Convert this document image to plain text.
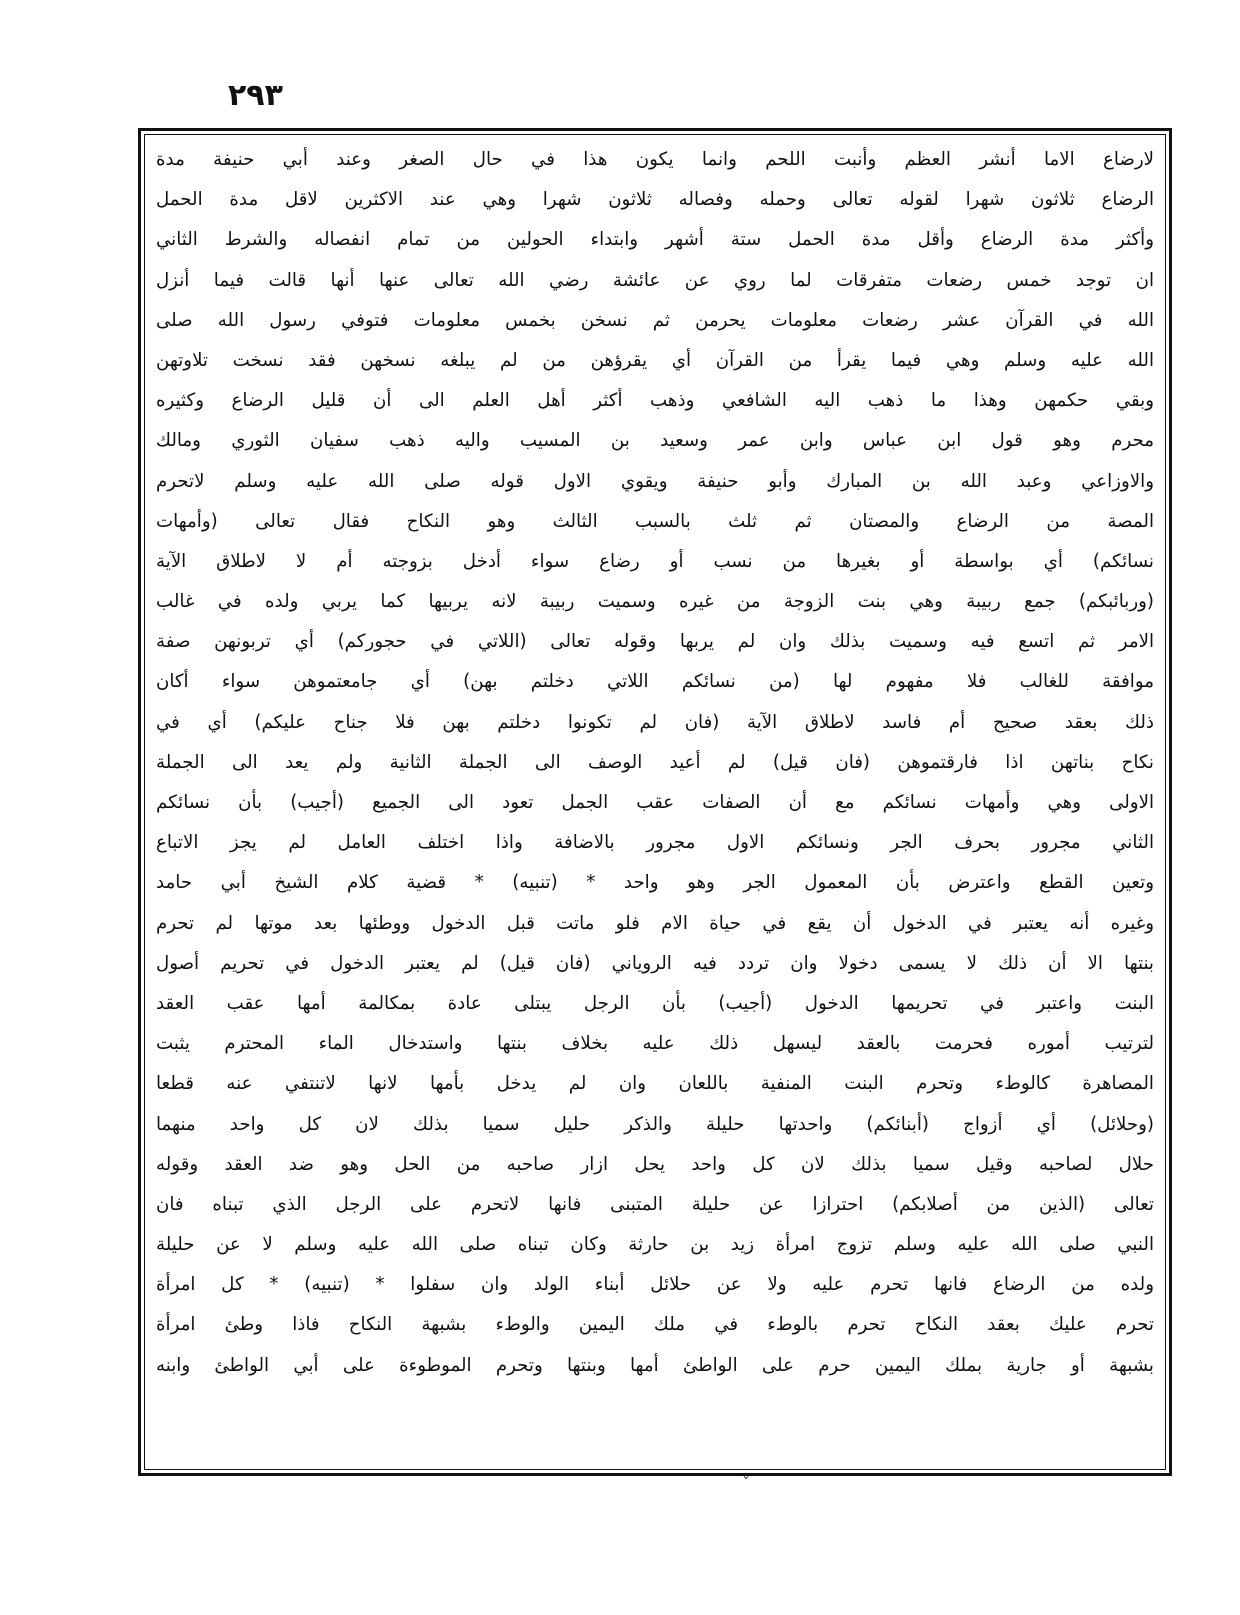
٢٩٣
لارضاع الاما أنشر العظم وأنبت اللحم وانما يكون هذا في حال الصغر وعند أبي حنيفة مدة
الرضاع ثلاثون شهرا لقوله تعالى وحمله وفصاله ثلاثون شهرا وهي عند الاكثرين لاقل مدة الحمل
وأكثر مدة الرضاع وأقل مدة الحمل ستة أشهر وابتداء الحولين من تمام انفصاله والشرط الثاني
ان توجد خمس رضعات متفرقات لما روي عن عائشة رضي الله تعالى عنها أنها قالت فيما أنزل
الله في القرآن عشر رضعات معلومات يحرمن ثم نسخن بخمس معلومات فتوفي رسول الله صلى
الله عليه وسلم وهي فيما يقرأ من القرآن أي يقرؤهن من لم يبلغه نسخهن فقد نسخت تلاوتهن
وبقي حكمهن وهذا ما ذهب اليه الشافعي وذهب أكثر أهل العلم الى أن قليل الرضاع وكثيره
محرم وهو قول ابن عباس وابن عمر وسعيد بن المسيب واليه ذهب سفيان الثوري ومالك
والاوزاعي وعبد الله بن المبارك وأبو حنيفة ويقوي الاول قوله صلى الله عليه وسلم لاتحرم
المصة من الرضاع والمصتان ثم ثلث بالسبب الثالث وهو النكاح فقال تعالى (وأمهات
نسائكم) أي بواسطة أو بغيرها من نسب أو رضاع سواء أدخل بزوجته أم لا لاطلاق الآية
(وربائبكم) جمع ربيبة وهي بنت الزوجة من غيره وسميت ربيبة لانه يربيها كما يربي ولده في غالب
الامر ثم اتسع فيه وسميت بذلك وان لم يربها وقوله تعالى (اللاتي في حجوركم) أي تربونهن صفة
موافقة للغالب فلا مفهوم لها (من نسائكم اللاتي دخلتم بهن) أي جامعتموهن سواء أكان
ذلك بعقد صحيح أم فاسد لاطلاق الآية (فان لم تكونوا دخلتم بهن فلا جناح عليكم) أي في
نكاح بناتهن اذا فارقتموهن (فان قيل) لم أعيد الوصف الى الجملة الثانية ولم يعد الى الجملة
الاولى وهي وأمهات نسائكم مع أن الصفات عقب الجمل تعود الى الجميع (أجيب) بأن نسائكم
الثاني مجرور بحرف الجر ونسائكم الاول مجرور بالاضافة واذا اختلف العامل لم يجز الاتباع
وتعين القطع واعترض بأن المعمول الجر وهو واحد * (تنبيه) * قضية كلام الشيخ أبي حامد
وغيره أنه يعتبر في الدخول أن يقع في حياة الام فلو ماتت قبل الدخول ووطئها بعد موتها لم تحرم
بنتها الا أن ذلك لا يسمى دخولا وان تردد فيه الروياني (فان قيل) لم يعتبر الدخول في تحريم أصول
البنت واعتبر في تحريمها الدخول (أجيب) بأن الرجل يبتلى عادة بمكالمة أمها عقب العقد
لترتيب أموره فحرمت بالعقد ليسهل ذلك عليه بخلاف بنتها واستدخال الماء المحترم يثبت
المصاهرة كالوطء وتحرم البنت المنفية باللعان وان لم يدخل بأمها لانها لاتنتفي عنه قطعا
(وحلائل) أي أزواج (أبنائكم) واحدتها حليلة والذكر حليل سميا بذلك لان كل واحد منهما
حلال لصاحبه وقيل سميا بذلك لان كل واحد يحل ازار صاحبه من الحل وهو ضد العقد وقوله
تعالى (الذين من أصلابكم) احترازا عن حليلة المتبنى فانها لاتحرم على الرجل الذي تبناه فان
النبي صلى الله عليه وسلم تزوج امرأة زيد بن حارثة وكان تبناه صلى الله عليه وسلم لا عن حليلة
ولده من الرضاع فانها تحرم عليه ولا عن حلائل أبناء الولد وان سفلوا * (تنبيه) * كل امرأة
تحرم عليك بعقد النكاح تحرم بالوطء في ملك اليمين والوطء بشبهة النكاح فاذا وطئ امرأة
بشبهة أو جارية بملك اليمين حرم على الواطئ أمها وبنتها وتحرم الموطوءة على أبي الواطئ وابنه
ˇ
